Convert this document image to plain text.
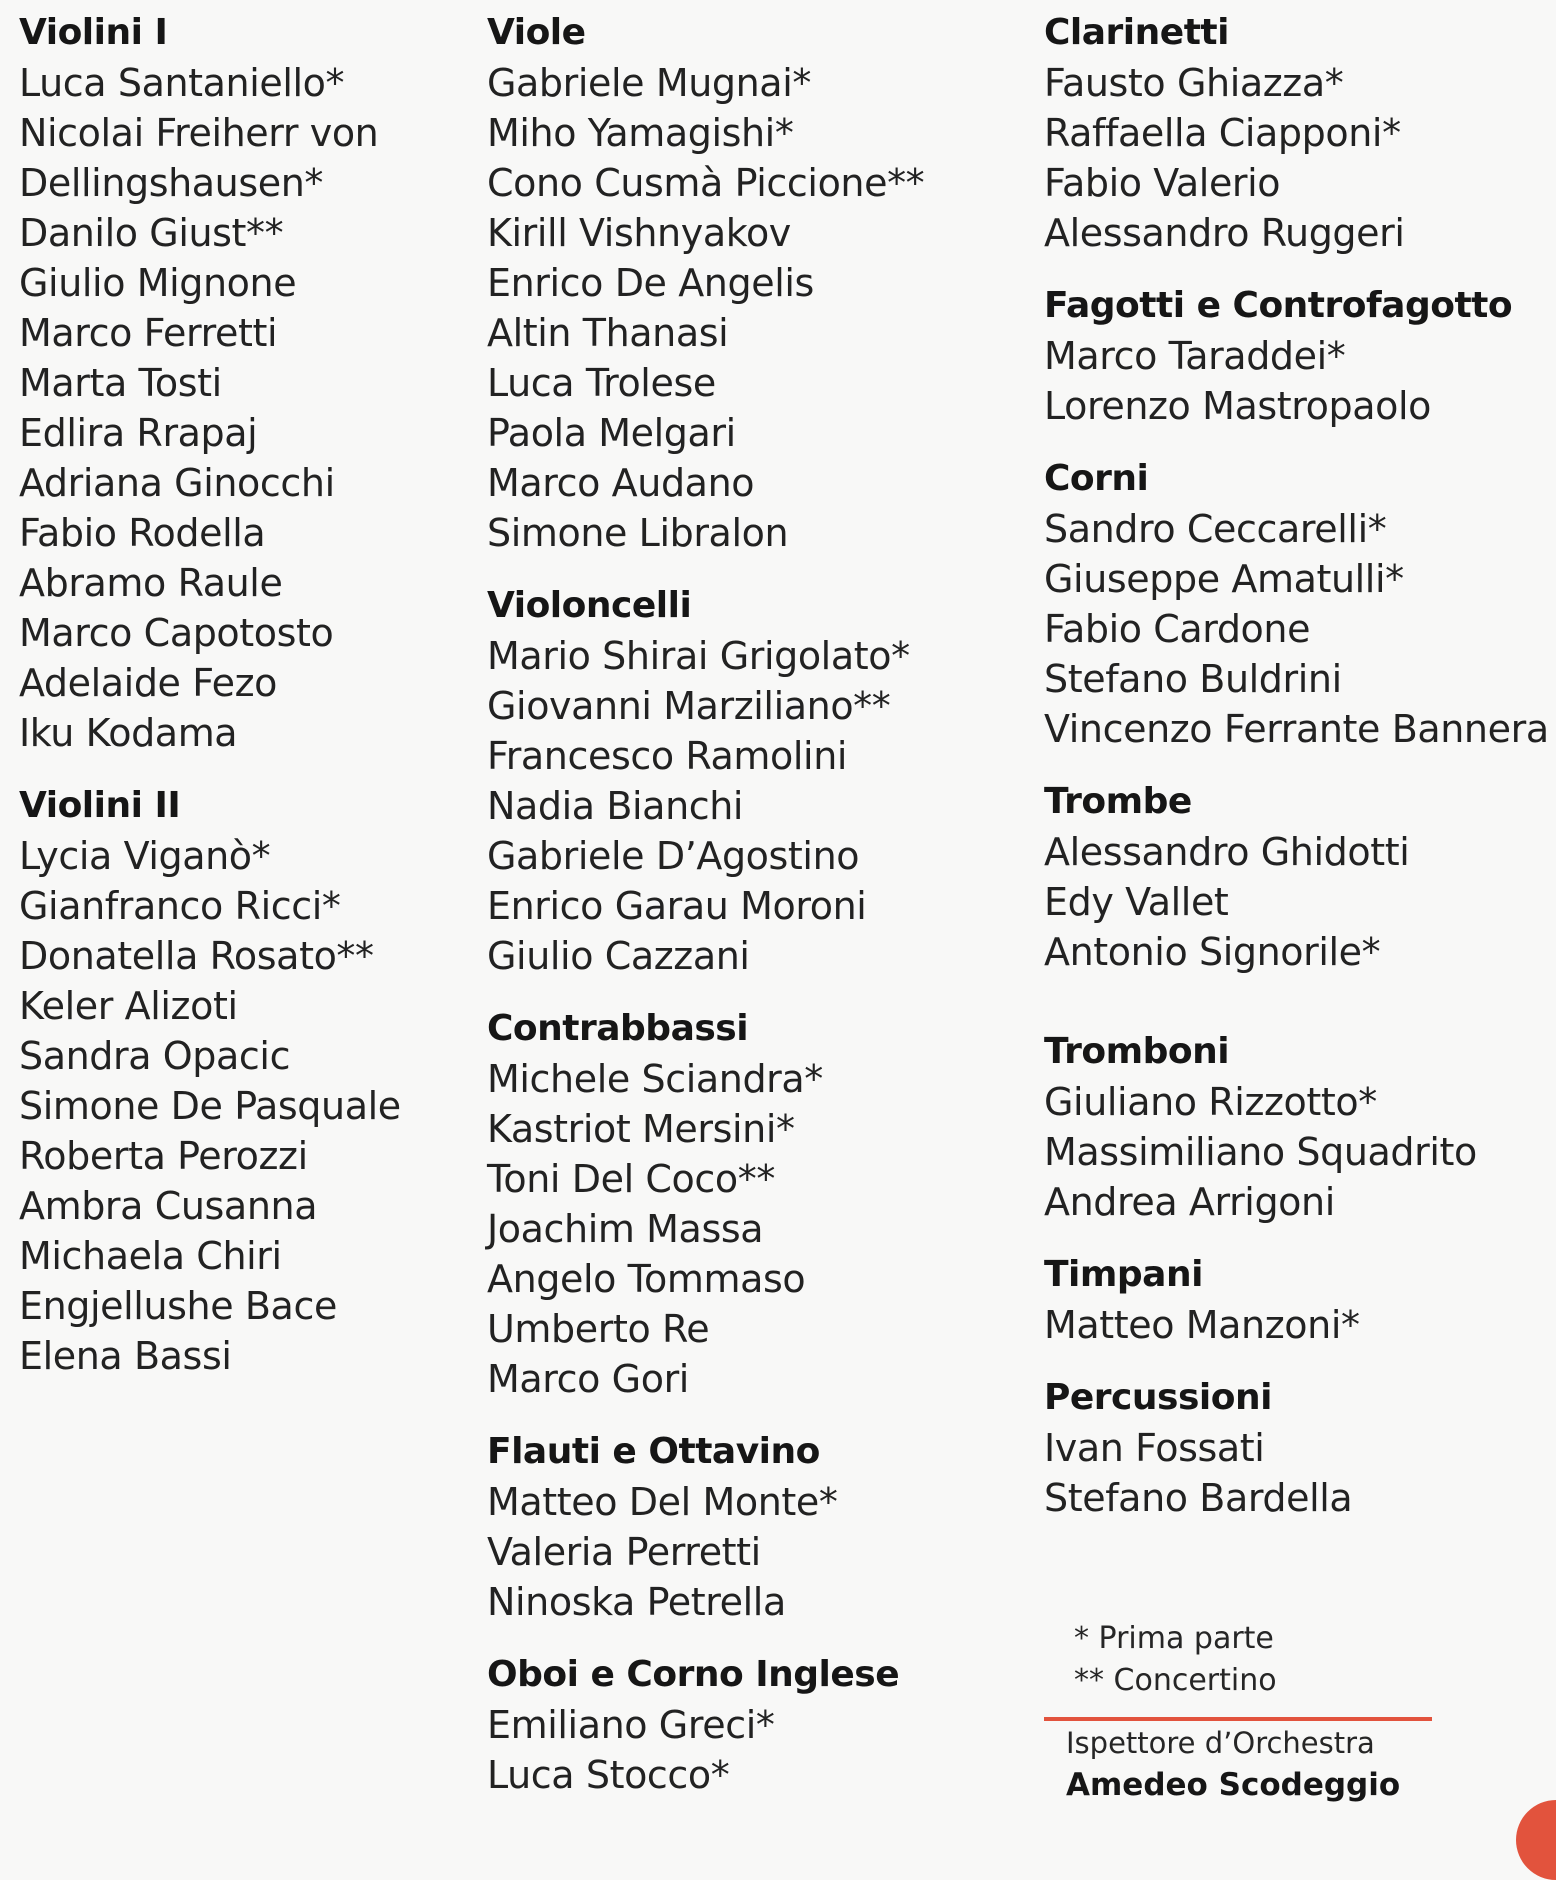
Violini I
Luca Santaniello*
Nicolai Freiherr von
Dellingshausen*
Danilo Giust**
Giulio Mignone
Marco Ferretti
Marta Tosti
Edlira Rrapaj
Adriana Ginocchi
Fabio Rodella
Abramo Raule
Marco Capotosto
Adelaide Fezo
Iku Kodama
Violini II
Lycia Viganò*
Gianfranco Ricci*
Donatella Rosato**
Keler Alizoti
Sandra Opacic
Simone De Pasquale
Roberta Perozzi
Ambra Cusanna
Michaela Chiri
Engjellushe Bace
Elena Bassi
Viole
Gabriele Mugnai*
Miho Yamagishi*
Cono Cusmà Piccione**
Kirill Vishnyakov
Enrico De Angelis
Altin Thanasi
Luca Trolese
Paola Melgari
Marco Audano
Simone Libralon
Violoncelli
Mario Shirai Grigolato*
Giovanni Marziliano**
Francesco Ramolini
Nadia Bianchi
Gabriele D’Agostino
Enrico Garau Moroni
Giulio Cazzani
Contrabbassi
Michele Sciandra*
Kastriot Mersini*
Toni Del Coco**
Joachim Massa
Angelo Tommaso
Umberto Re
Marco Gori
Flauti e Ottavino
Matteo Del Monte*
Valeria Perretti
Ninoska Petrella
Oboi e Corno Inglese
Emiliano Greci*
Luca Stocco*
Clarinetti
Fausto Ghiazza*
Raffaella Ciapponi*
Fabio Valerio
Alessandro Ruggeri
Fagotti e Controfagotto
Marco Taraddei*
Lorenzo Mastropaolo
Corni
Sandro Ceccarelli*
Giuseppe Amatulli*
Fabio Cardone
Stefano Buldrini
Vincenzo Ferrante Bannera
Trombe
Alessandro Ghidotti
Edy Vallet
Antonio Signorile*
Tromboni
Giuliano Rizzotto*
Massimiliano Squadrito
Andrea Arrigoni
Timpani
Matteo Manzoni*
Percussioni
Ivan Fossati
Stefano Bardella
* Prima parte
** Concertino
Ispettore d’Orchestra
Amedeo Scodeggio
